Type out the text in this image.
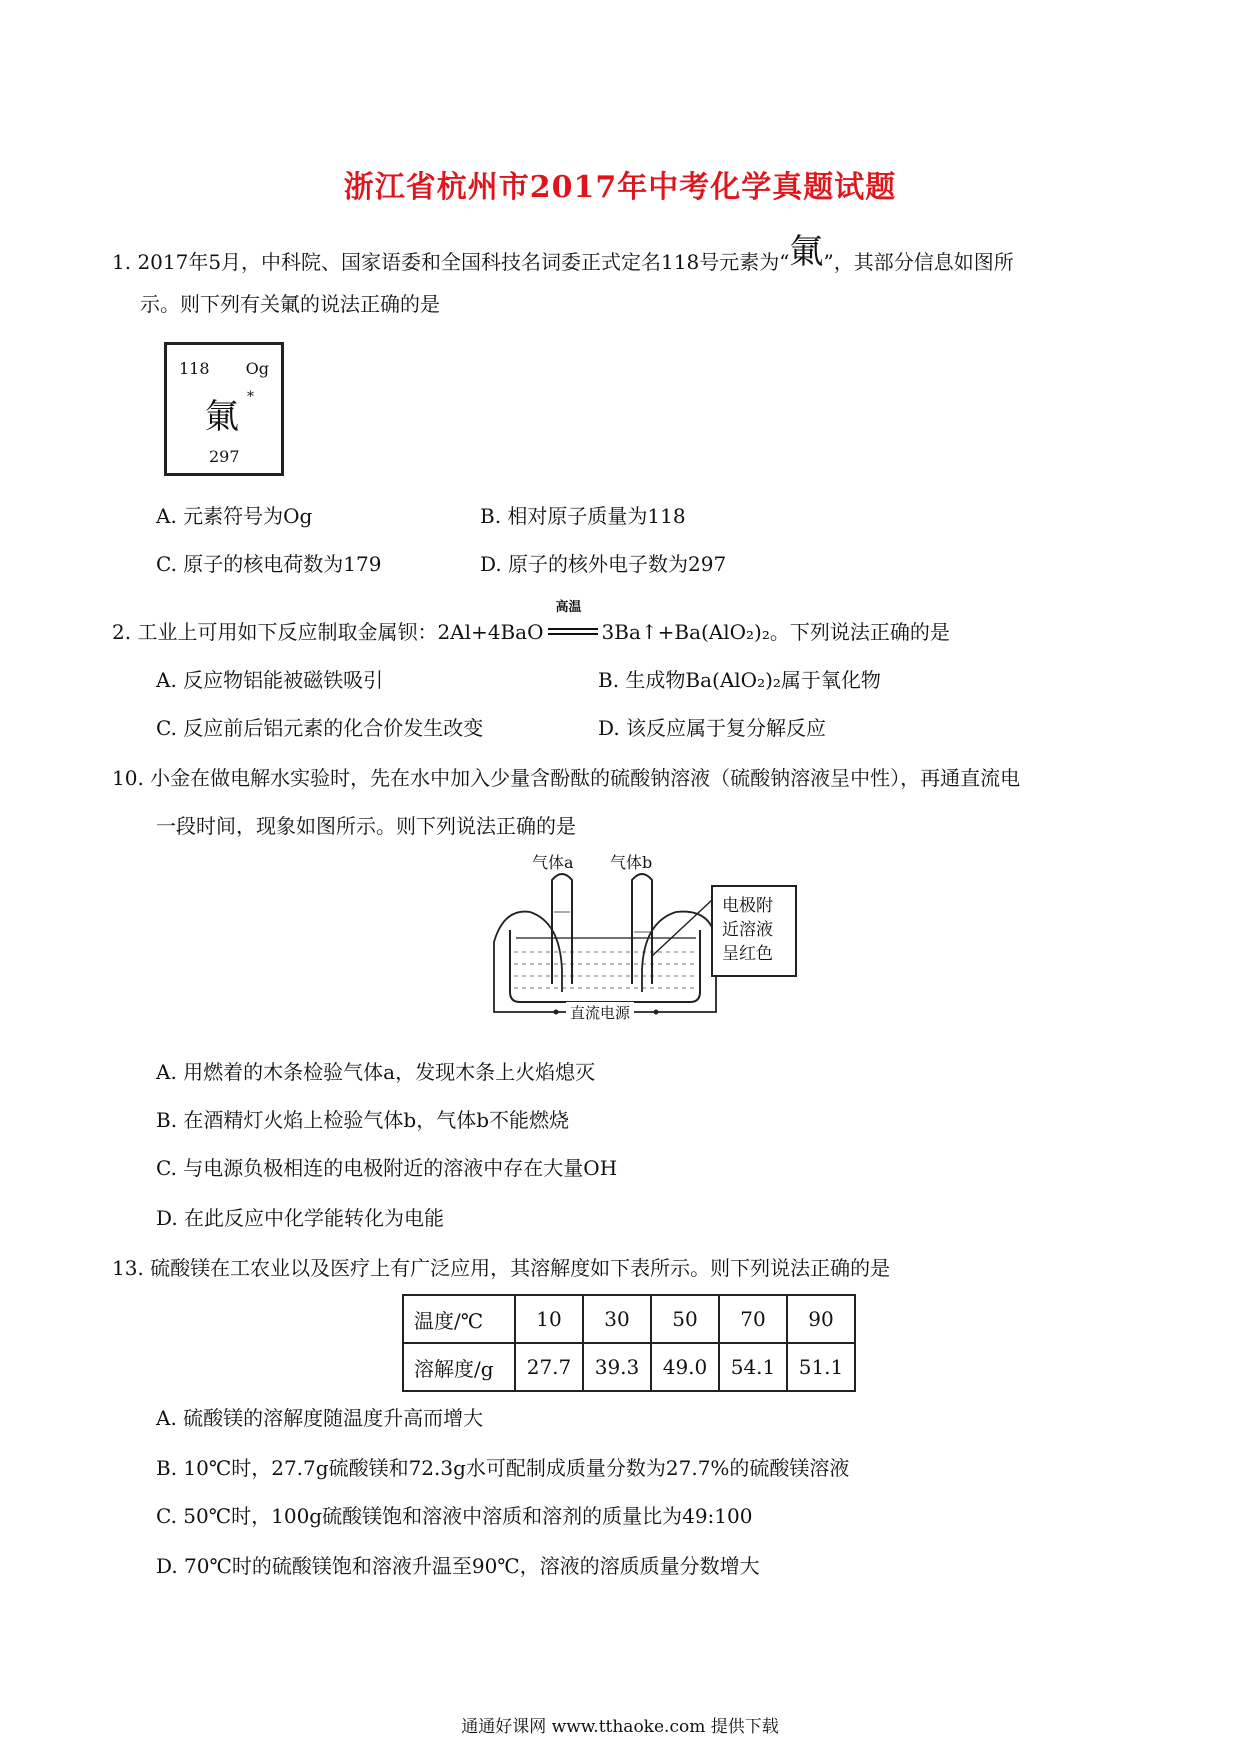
浙江省杭州市2017年中考化学真题试题
1. 2017年5月，中科院、国家语委和全国科技名词委正式定名118号元素为“氭”，其部分信息如图所
示。则下列有关氭的说法正确的是
118 Og
氭 *
297
A. 元素符号为Og	B. 相对原子质量为118
C. 原子的核电荷数为179	D. 原子的核外电子数为297
2. 工业上可用如下反应制取金属钡：2Al+4BaO
高温
3Ba↑+Ba(AlO₂)₂。下列说法正确的是
A. 反应物铝能被磁铁吸引	B. 生成物Ba(AlO₂)₂属于氧化物
C. 反应前后铝元素的化合价发生改变	D. 该反应属于复分解反应
10. 小金在做电解水实验时，先在水中加入少量含酚酞的硫酸钠溶液（硫酸钠溶液呈中性），再通直流电
一段时间，现象如图所示。则下列说法正确的是
气体a 气体b
电极附
近溶液
呈红色
直流电源
A. 用燃着的木条检验气体a，发现木条上火焰熄灭
B. 在酒精灯火焰上检验气体b，气体b不能燃烧
C. 与电源负极相连的电极附近的溶液中存在大量OH
D. 在此反应中化学能转化为电能
13. 硫酸镁在工农业以及医疗上有广泛应用，其溶解度如下表所示。则下列说法正确的是
温度/℃	10	30	50	70	90
溶解度/g	27.7	39.3	49.0	54.1	51.1
A. 硫酸镁的溶解度随温度升高而增大
B. 10℃时，27.7g硫酸镁和72.3g水可配制成质量分数为27.7%的硫酸镁溶液
C. 50℃时，100g硫酸镁饱和溶液中溶质和溶剂的质量比为49:100
D. 70℃时的硫酸镁饱和溶液升温至90℃，溶液的溶质质量分数增大
通通好课网 www.tthaoke.com 提供下载
